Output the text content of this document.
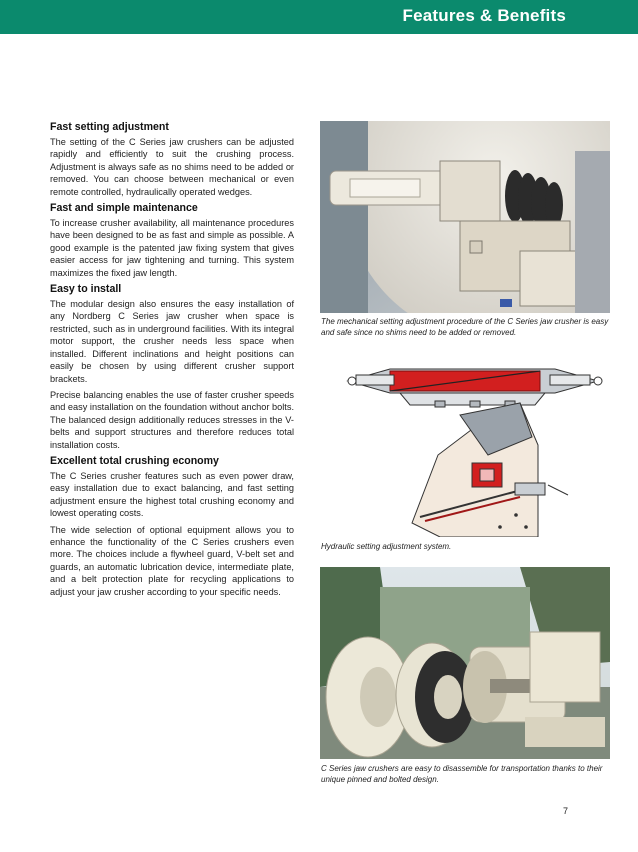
Features & Benefits
Fast setting adjustment

The setting of the C Series jaw crushers can be adjusted rapidly and efficiently to suit the crushing process. Adjustment is always safe as no shims need to be added or removed. You can choose between mechanical or even remote controlled, hydraulically operated wedges.

Fast and simple maintenance

To increase crusher availability, all maintenance procedures have been designed to be as fast and simple as possible. A good example is the patented jaw fixing system that gives easier access for jaw tightening and turning. This system maximizes the fixed jaw length.

Easy to install

The modular design also ensures the easy installation of any Nordberg C Series jaw crusher when space is restricted, such as in underground facilities. With its integral motor support, the crusher needs less space when installed. Different inclinations and height positions can easily be chosen by using different crusher support brackets.

Precise balancing enables the use of faster crusher speeds and easy installation on the foundation without anchor bolts. The balanced design additionally reduces stresses in the V-belts and support structures and therefore reduces total installation costs.

Excellent total crushing economy

The C Series crusher features such as even power draw, easy installation due to exact balancing, and fast setting adjustment ensure the highest total crushing economy and lowest operating costs.

The wide selection of optional equipment allows you to enhance the functionality of the C Series crushers even more. The choices include a flywheel guard, V-belt set and guards, an automatic lubrication device, intermediate plate, and a belt protection plate for recycling applications to adjust your jaw crusher according to your specific needs.

The mechanical setting adjustment procedure of the C Series jaw crusher is easy and safe since no shims need to be added or removed.
Hydraulic setting adjustment system.
C Series jaw crushers are easy to disassemble for transportation thanks to their unique pinned and bolted design.
7
